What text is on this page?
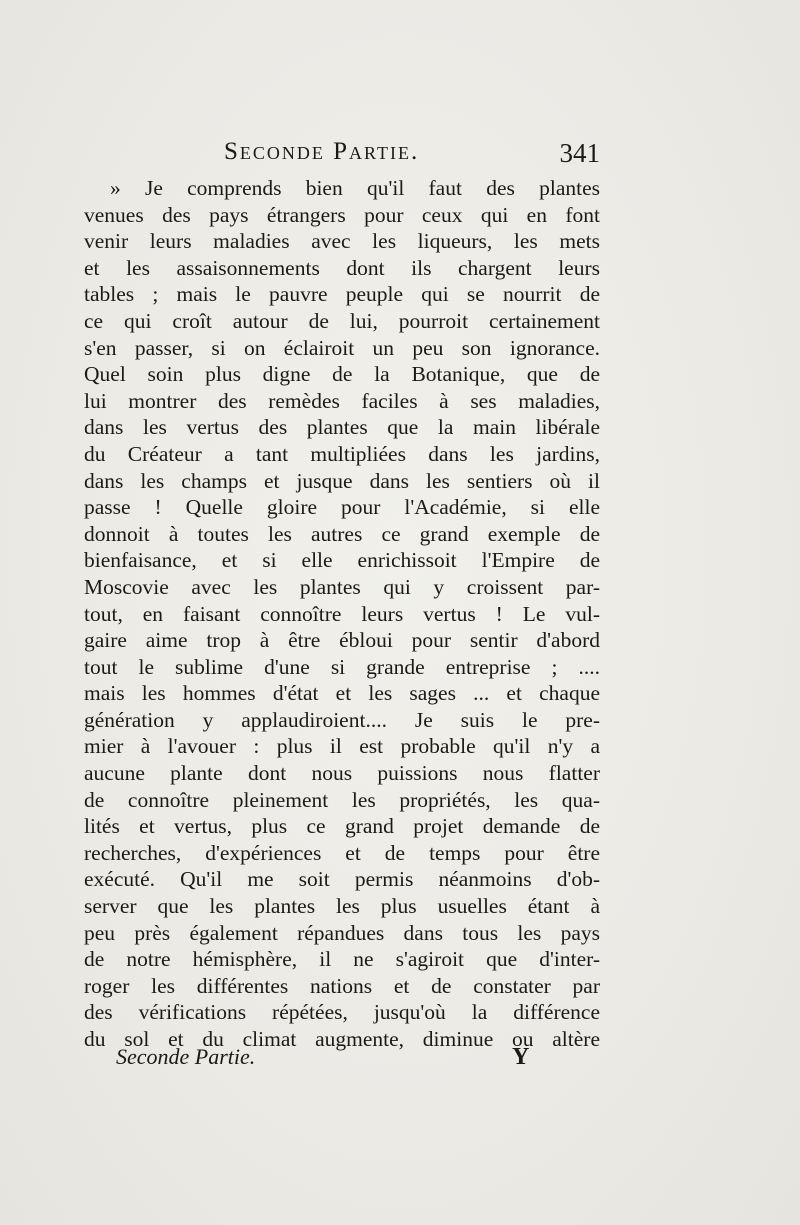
Seconde Partie.	341
» Je comprends bien qu'il faut des plantes
venues des pays étrangers pour ceux qui en font
venir leurs maladies avec les liqueurs, les mets
et les assaisonnements dont ils chargent leurs
tables ; mais le pauvre peuple qui se nourrit de
ce qui croît autour de lui, pourroit certainement
s'en passer, si on éclairoit un peu son ignorance.
Quel soin plus digne de la Botanique, que de
lui montrer des remèdes faciles à ses maladies,
dans les vertus des plantes que la main libérale
du Créateur a tant multipliées dans les jardins,
dans les champs et jusque dans les sentiers où il
passe ! Quelle gloire pour l'Académie, si elle
donnoit à toutes les autres ce grand exemple de
bienfaisance, et si elle enrichissoit l'Empire de
Moscovie avec les plantes qui y croissent par-
tout, en faisant connoître leurs vertus ! Le vul-
gaire aime trop à être ébloui pour sentir d'abord
tout le sublime d'une si grande entreprise ; ....
mais les hommes d'état et les sages ... et chaque
génération y applaudiroient.... Je suis le pre-
mier à l'avouer : plus il est probable qu'il n'y a
aucune plante dont nous puissions nous flatter
de connoître pleinement les propriétés, les qua-
lités et vertus, plus ce grand projet demande de
recherches, d'expériences et de temps pour être
exécuté. Qu'il me soit permis néanmoins d'ob-
server que les plantes les plus usuelles étant à
peu près également répandues dans tous les pays
de notre hémisphère, il ne s'agiroit que d'inter-
roger les différentes nations et de constater par
des vérifications répétées, jusqu'où la différence
du sol et du climat augmente, diminue ou altère
Seconde Partie.	Y
